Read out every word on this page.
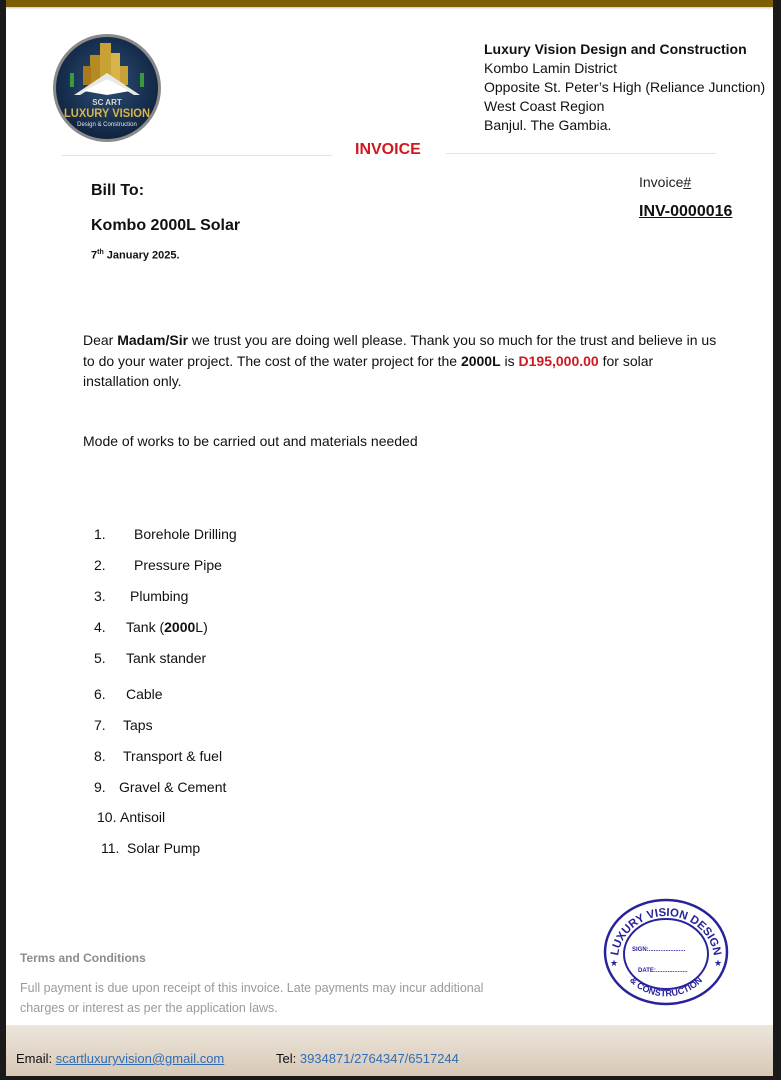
SC ART
LUXURY VISION
Design & Construction
Luxury Vision Design and Construction
Kombo Lamin District
Opposite St. Peter’s High (Reliance Junction)
West Coast Region
Banjul. The Gambia.
INVOICE
Bill To:
Kombo 2000L Solar
7th January 2025.
Invoice#
INV-0000016
Dear Madam/Sir we trust you are doing well please. Thank you so much for the trust and believe in us to do your water project. The cost of the water project for the 2000L is D195,000.00 for solar installation only.
Mode of works to be carried out and materials needed
1. Borehole Drilling
2. Pressure Pipe
3. Plumbing
4. Tank (2000L)
5. Tank stander
6. Cable
7. Taps
8. Transport & fuel
9. Gravel & Cement
10. Antisoil
11. Solar Pump
LUXURY VISION DESIGN
& CONSTRUCTION
★	★
SIGN:......................
DATE:...................
Terms and Conditions
Full payment is due upon receipt of this invoice. Late payments may incur additional charges or interest as per the application laws.
Email: scartluxuryvision@gmail.com	Tel: 3934871/2764347/6517244
